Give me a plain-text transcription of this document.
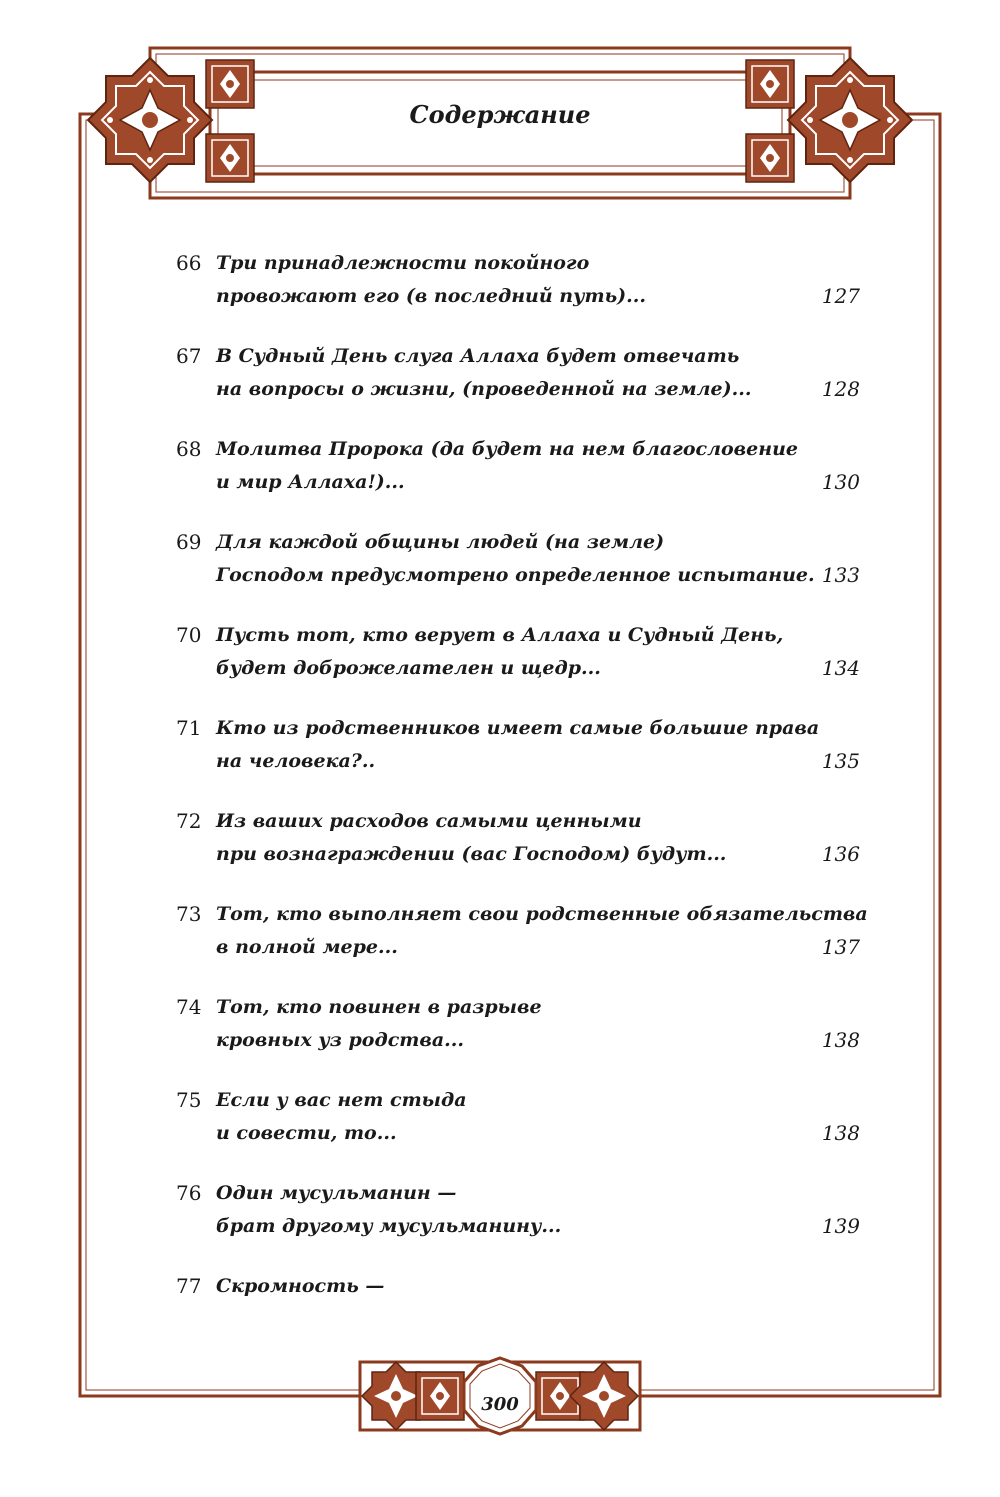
Содержание
66 Три принадлежности покойного
провожают его (в последний путь)...	127
67 В Судный День слуга Аллаха будет отвечать
на вопросы о жизни, (проведенной на земле)...	128
68 Молитва Пророка (да будет на нем благословение
и мир Аллаха!)...	130
69 Для каждой общины людей (на земле)
Господом предусмотрено определенное испытание. 133
70 Пусть тот, кто верует в Аллаха и Судный День,
будет доброжелателен и щедр...	134
71 Кто из родственников имеет самые большие права
на человека?..	135
72 Из ваших расходов самыми ценными
при вознаграждении (вас Господом) будут...	136
73 Тот, кто выполняет свои родственные обязательства
в полной мере...	137
74 Тот, кто повинен в разрыве
кровных уз родства...	138
75 Если у вас нет стыда
и совести, то...	138
76 Один мусульманин —
брат другому мусульманину...	139
77 Скромность —
300
